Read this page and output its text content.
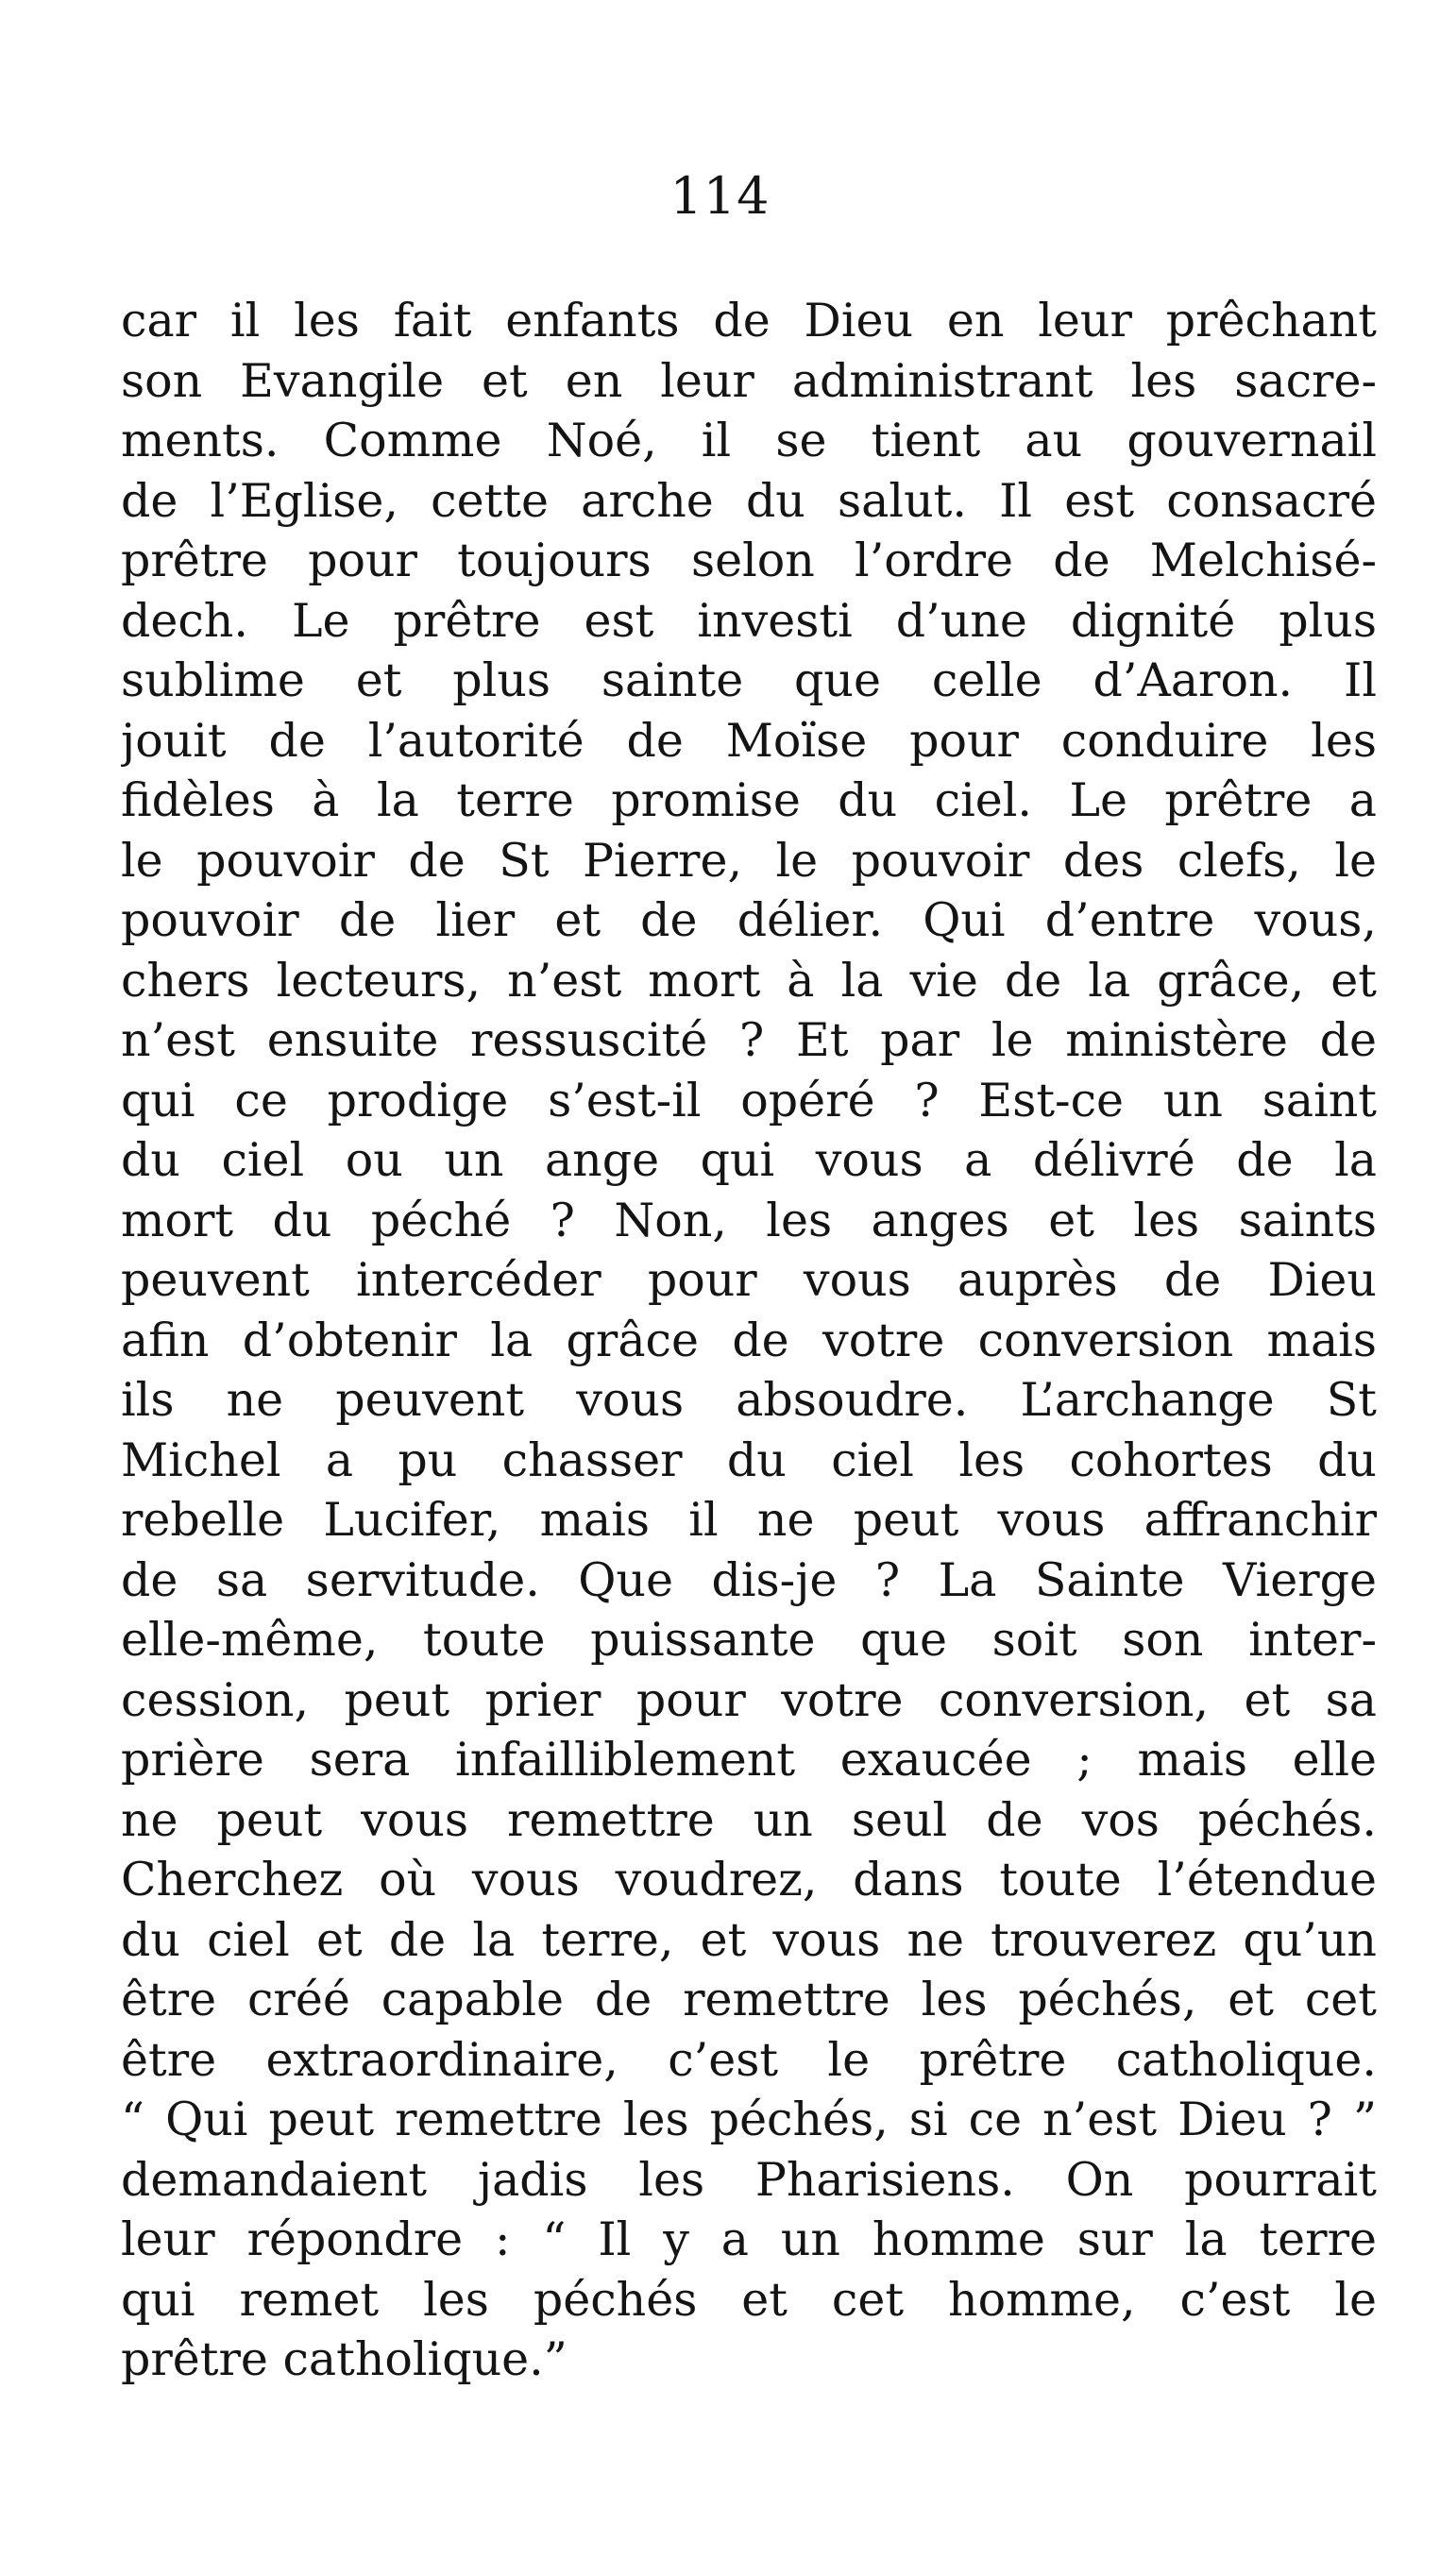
114
car il les fait enfants de Dieu en leur prêchant
son Evangile et en leur administrant les sacre-
ments. Comme Noé, il se tient au gouvernail
de l’Eglise, cette arche du salut. Il est consacré
prêtre pour toujours selon l’ordre de Melchisé-
dech. Le prêtre est investi d’une dignité plus
sublime et plus sainte que celle d’Aaron. Il
jouit de l’autorité de Moïse pour conduire les
fidèles à la terre promise du ciel. Le prêtre a
le pouvoir de St Pierre, le pouvoir des clefs, le
pouvoir de lier et de délier. Qui d’entre vous,
chers lecteurs, n’est mort à la vie de la grâce, et
n’est ensuite ressuscité ? Et par le ministère de
qui ce prodige s’est-il opéré ? Est-ce un saint
du ciel ou un ange qui vous a délivré de la
mort du péché ? Non, les anges et les saints
peuvent intercéder pour vous auprès de Dieu
afin d’obtenir la grâce de votre conversion mais
ils ne peuvent vous absoudre. L’archange St
Michel a pu chasser du ciel les cohortes du
rebelle Lucifer, mais il ne peut vous affranchir
de sa servitude. Que dis-je ? La Sainte Vierge
elle-même, toute puissante que soit son inter-
cession, peut prier pour votre conversion, et sa
prière sera infailliblement exaucée ; mais elle
ne peut vous remettre un seul de vos péchés.
Cherchez où vous voudrez, dans toute l’étendue
du ciel et de la terre, et vous ne trouverez qu’un
être créé capable de remettre les péchés, et cet
être extraordinaire, c’est le prêtre catholique.
“ Qui peut remettre les péchés, si ce n’est Dieu ? ”
demandaient jadis les Pharisiens. On pourrait
leur répondre : “ Il y a un homme sur la terre
qui remet les péchés et cet homme, c’est le
prêtre catholique.”
